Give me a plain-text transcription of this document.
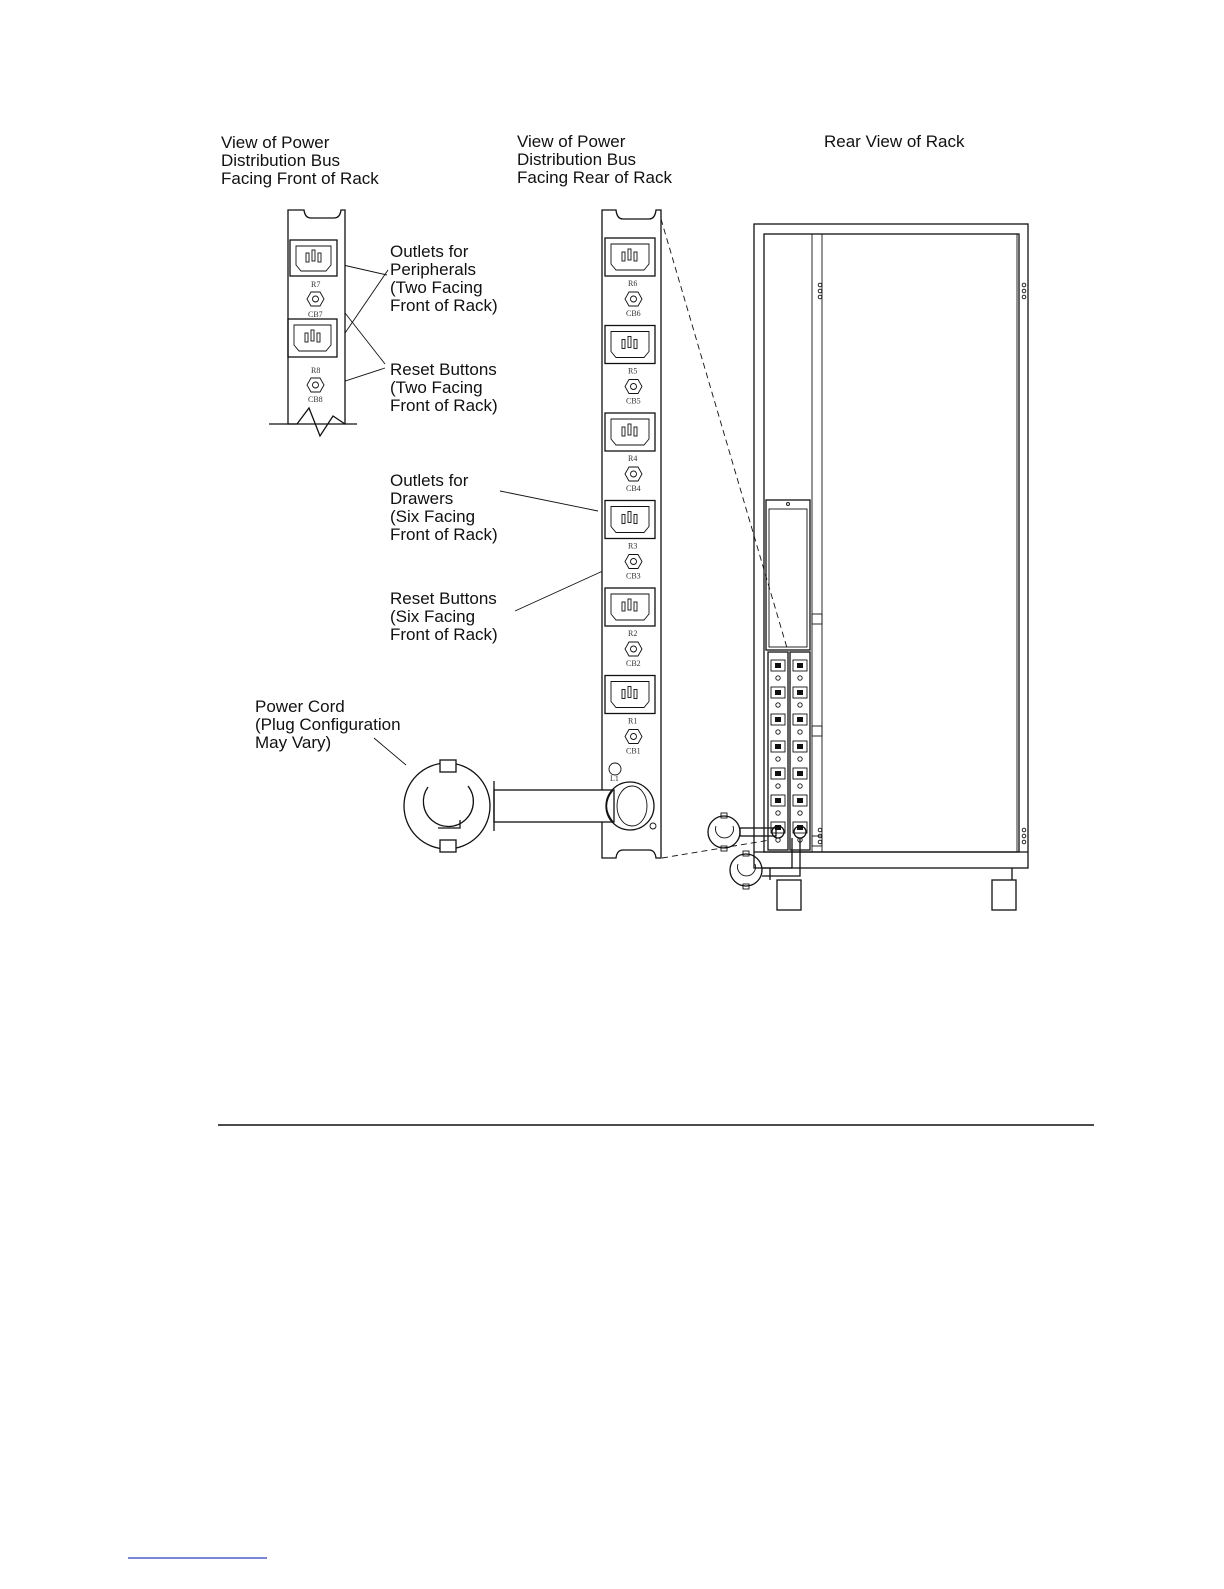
View of Power Distribution Bus Facing Front of Rack
View of Power Distribution Bus Facing Rear of Rack
Rear View of Rack
Outlets for Peripherals (Two Facing Front of Rack)
Reset Buttons (Two Facing Front of Rack)
Outlets for Drawers (Six Facing Front of Rack)
Reset Buttons (Six Facing Front of Rack)
Power Cord (Plug Configuration May Vary)
R7
CB7
R8
CB8
R6
CB6
R5
CB5
R4
CB4
R3
CB3
R2
CB2
R1
CB1
L1
